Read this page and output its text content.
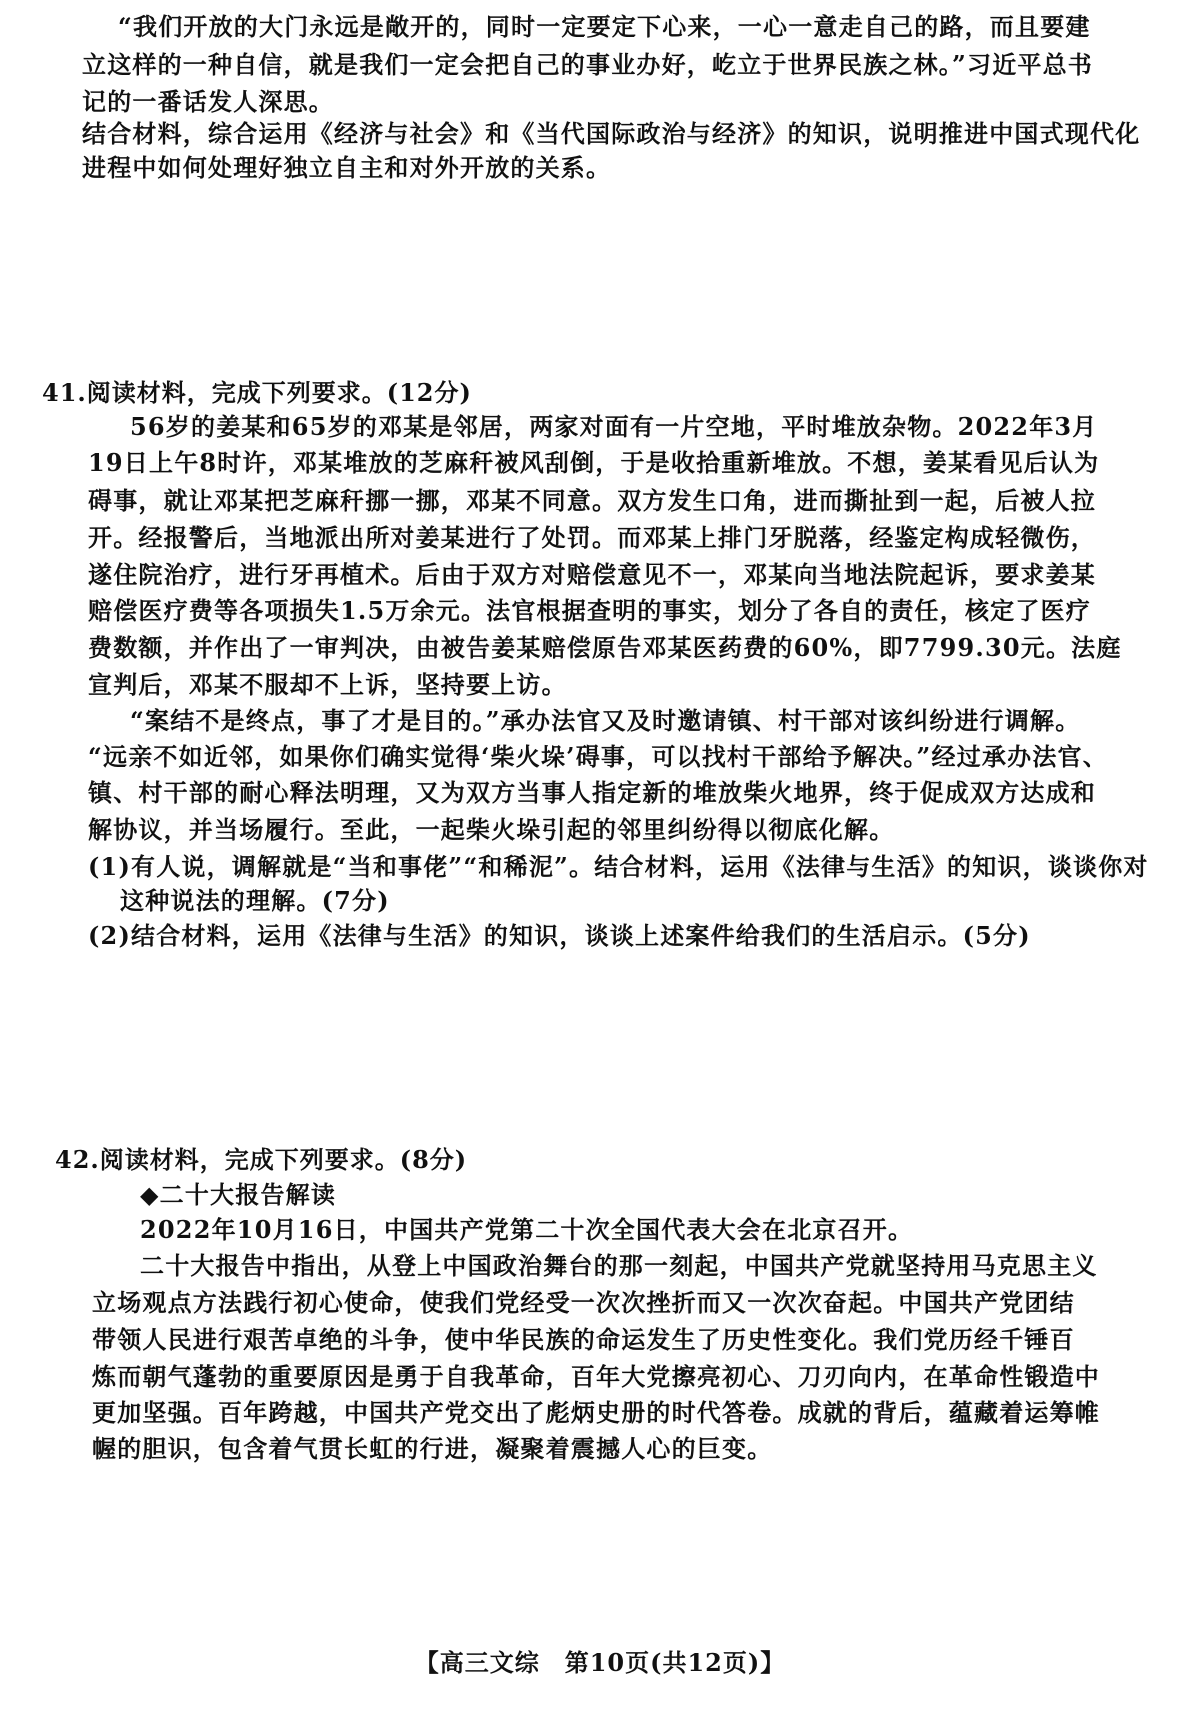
“我们开放的大门永远是敞开的，同时一定要定下心来，一心一意走自己的路，而且要建
立这样的一种自信，就是我们一定会把自己的事业办好，屹立于世界民族之林。”习近平总书
记的一番话发人深思。
结合材料，综合运用《经济与社会》和《当代国际政治与经济》的知识，说明推进中国式现代化
进程中如何处理好独立自主和对外开放的关系。
41.阅读材料，完成下列要求。(12分)
56岁的姜某和65岁的邓某是邻居，两家对面有一片空地，平时堆放杂物。2022年3月
19日上午8时许，邓某堆放的芝麻秆被风刮倒，于是收拾重新堆放。不想，姜某看见后认为
碍事，就让邓某把芝麻秆挪一挪，邓某不同意。双方发生口角，进而撕扯到一起，后被人拉
开。经报警后，当地派出所对姜某进行了处罚。而邓某上排门牙脱落，经鉴定构成轻微伤，
遂住院治疗，进行牙再植术。后由于双方对赔偿意见不一，邓某向当地法院起诉，要求姜某
赔偿医疗费等各项损失1.5万余元。法官根据查明的事实，划分了各自的责任，核定了医疗
费数额，并作出了一审判决，由被告姜某赔偿原告邓某医药费的60%，即7799.30元。法庭
宣判后，邓某不服却不上诉，坚持要上访。
“案结不是终点，事了才是目的。”承办法官又及时邀请镇、村干部对该纠纷进行调解。
“远亲不如近邻，如果你们确实觉得‘柴火垛’碍事，可以找村干部给予解决。”经过承办法官、
镇、村干部的耐心释法明理，又为双方当事人指定新的堆放柴火地界，终于促成双方达成和
解协议，并当场履行。至此，一起柴火垛引起的邻里纠纷得以彻底化解。
(1)有人说，调解就是“当和事佬”“和稀泥”。结合材料，运用《法律与生活》的知识，谈谈你对
这种说法的理解。(7分)
(2)结合材料，运用《法律与生活》的知识，谈谈上述案件给我们的生活启示。(5分)
42.阅读材料，完成下列要求。(8分)
◆二十大报告解读
2022年10月16日，中国共产党第二十次全国代表大会在北京召开。
二十大报告中指出，从登上中国政治舞台的那一刻起，中国共产党就坚持用马克思主义
立场观点方法践行初心使命，使我们党经受一次次挫折而又一次次奋起。中国共产党团结
带领人民进行艰苦卓绝的斗争，使中华民族的命运发生了历史性变化。我们党历经千锤百
炼而朝气蓬勃的重要原因是勇于自我革命，百年大党擦亮初心、刀刃向内，在革命性锻造中
更加坚强。百年跨越，中国共产党交出了彪炳史册的时代答卷。成就的背后，蕴藏着运筹帷
幄的胆识，包含着气贯长虹的行进，凝聚着震撼人心的巨变。
【高三文综　第10页(共12页)】
